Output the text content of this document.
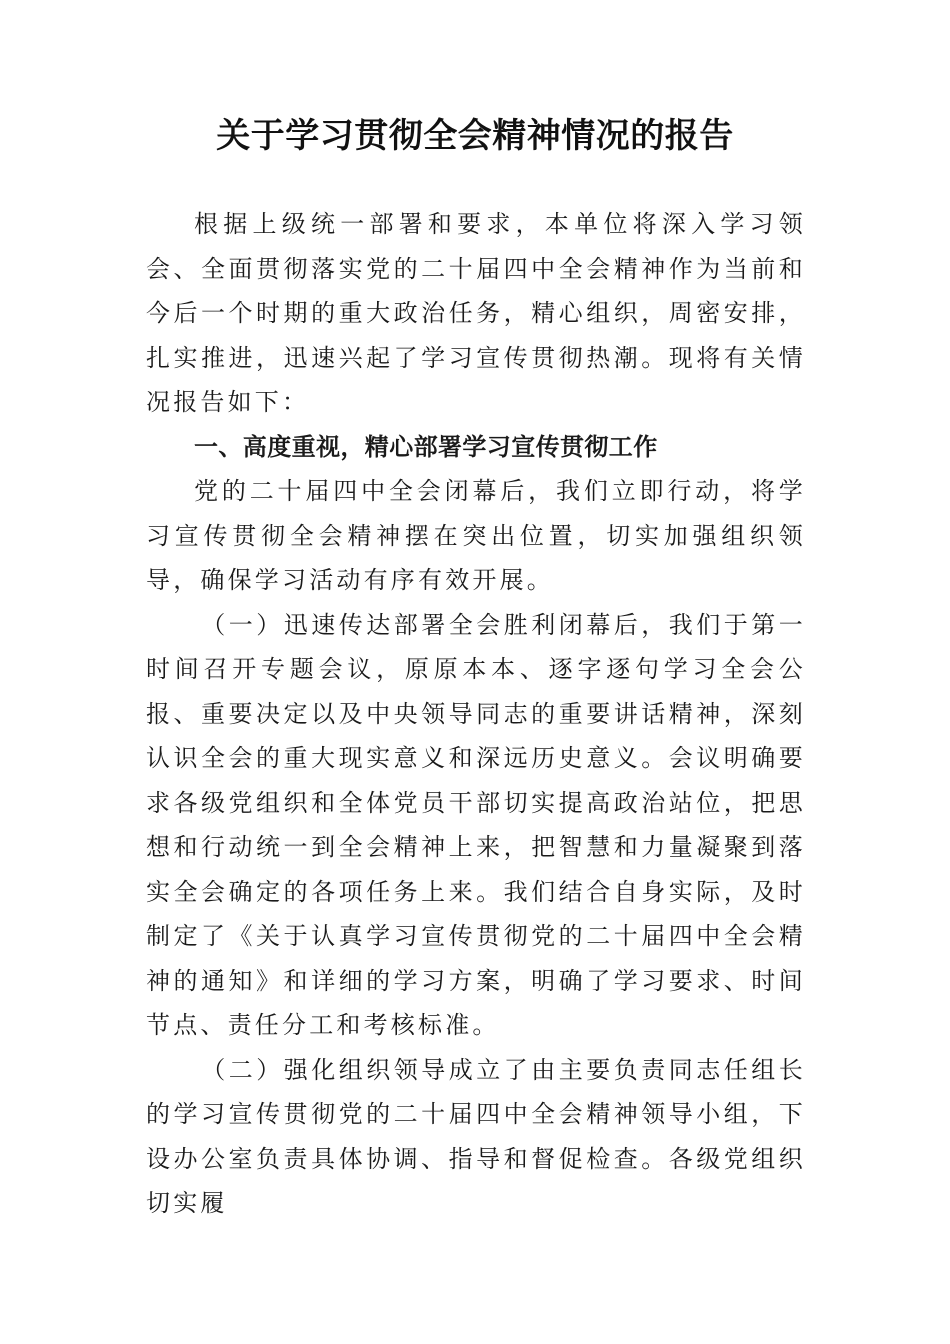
关于学习贯彻全会精神情况的报告

根据上级统一部署和要求，本单位将深入学习领会、全面贯彻落实党的二十届四中全会精神作为当前和今后一个时期的重大政治任务，精心组织，周密安排，扎实推进，迅速兴起了学习宣传贯彻热潮。现将有关情况报告如下：

一、高度重视，精心部署学习宣传贯彻工作

党的二十届四中全会闭幕后，我们立即行动，将学习宣传贯彻全会精神摆在突出位置，切实加强组织领导，确保学习活动有序有效开展。

（一）迅速传达部署全会胜利闭幕后，我们于第一时间召开专题会议，原原本本、逐字逐句学习全会公报、重要决定以及中央领导同志的重要讲话精神，深刻认识全会的重大现实意义和深远历史意义。会议明确要求各级党组织和全体党员干部切实提高政治站位，把思想和行动统一到全会精神上来，把智慧和力量凝聚到落实全会确定的各项任务上来。我们结合自身实际，及时制定了《关于认真学习宣传贯彻党的二十届四中全会精神的通知》和详细的学习方案，明确了学习要求、时间节点、责任分工和考核标准。

（二）强化组织领导成立了由主要负责同志任组长的学习宣传贯彻党的二十届四中全会精神领导小组，下设办公室负责具体协调、指导和督促检查。各级党组织切实履
